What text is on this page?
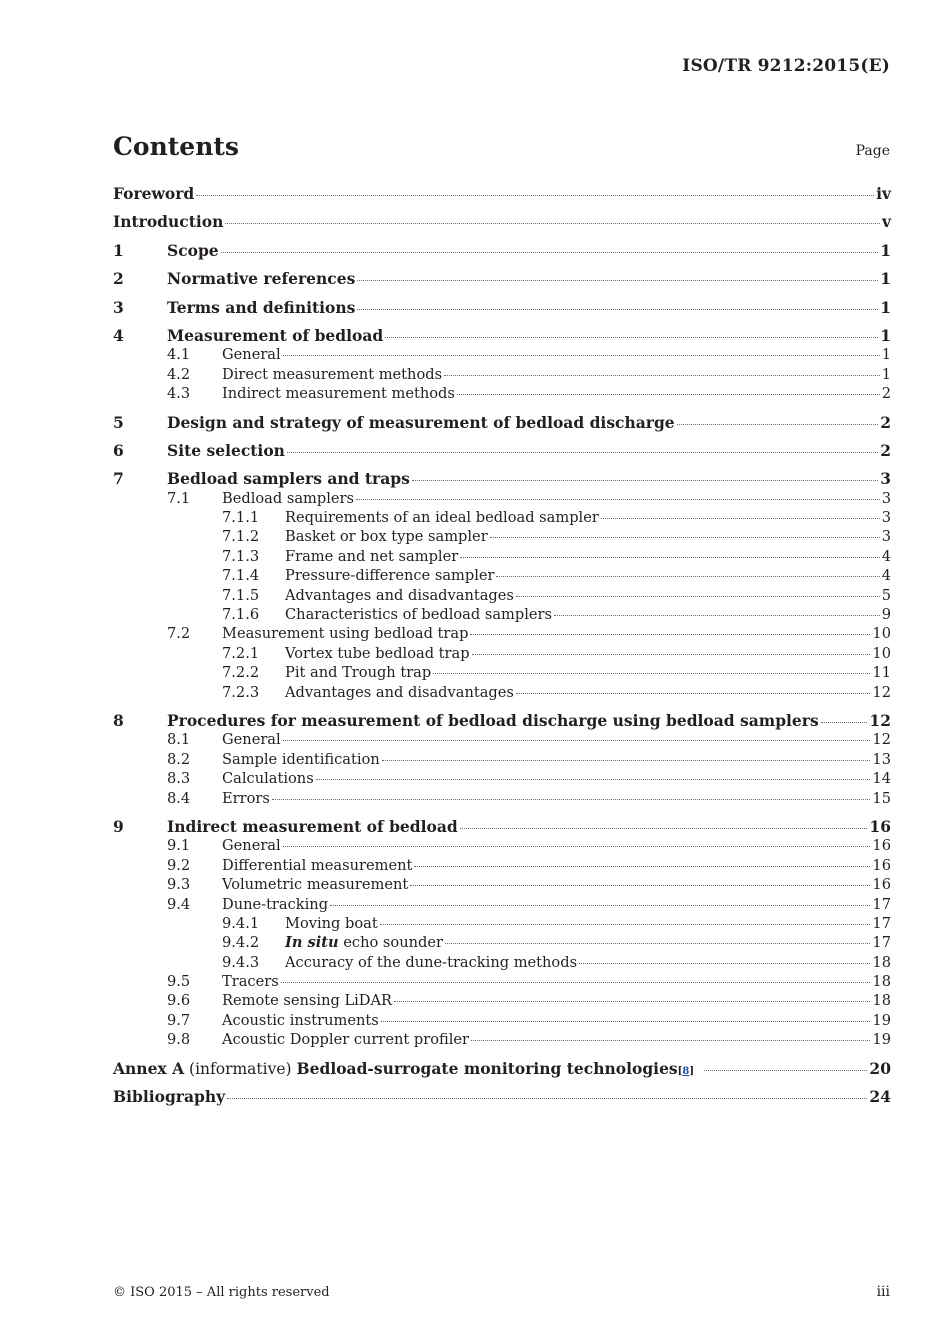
ISO/TR 9212:2015(E)
Contents	Page
Foreword	iv
Introduction	v
1	Scope	1
2	Normative references	1
3	Terms and definitions	1
4	Measurement of bedload	1
4.1	General	1
4.2	Direct measurement methods	1
4.3	Indirect measurement methods	2
5	Design and strategy of measurement of bedload discharge	2
6	Site selection	2
7	Bedload samplers and traps	3
7.1	Bedload samplers	3
7.1.1	Requirements of an ideal bedload sampler	3
7.1.2	Basket or box type sampler	3
7.1.3	Frame and net sampler	4
7.1.4	Pressure-difference sampler	4
7.1.5	Advantages and disadvantages	5
7.1.6	Characteristics of bedload samplers	9
7.2	Measurement using bedload trap	10
7.2.1	Vortex tube bedload trap	10
7.2.2	Pit and Trough trap	11
7.2.3	Advantages and disadvantages	12
8	Procedures for measurement of bedload discharge using bedload samplers	12
8.1	General	12
8.2	Sample identification	13
8.3	Calculations	14
8.4	Errors	15
9	Indirect measurement of bedload	16
9.1	General	16
9.2	Differential measurement	16
9.3	Volumetric measurement	16
9.4	Dune-tracking	17
9.4.1	Moving boat	17
9.4.2	In situ echo sounder	17
9.4.3	Accuracy of the dune-tracking methods	18
9.5	Tracers	18
9.6	Remote sensing LiDAR	18
9.7	Acoustic instruments	19
9.8	Acoustic Doppler current profiler	19
Annex A (informative) Bedload-surrogate monitoring technologies [8]	20
Bibliography	24
© ISO 2015 – All rights reserved	iii
